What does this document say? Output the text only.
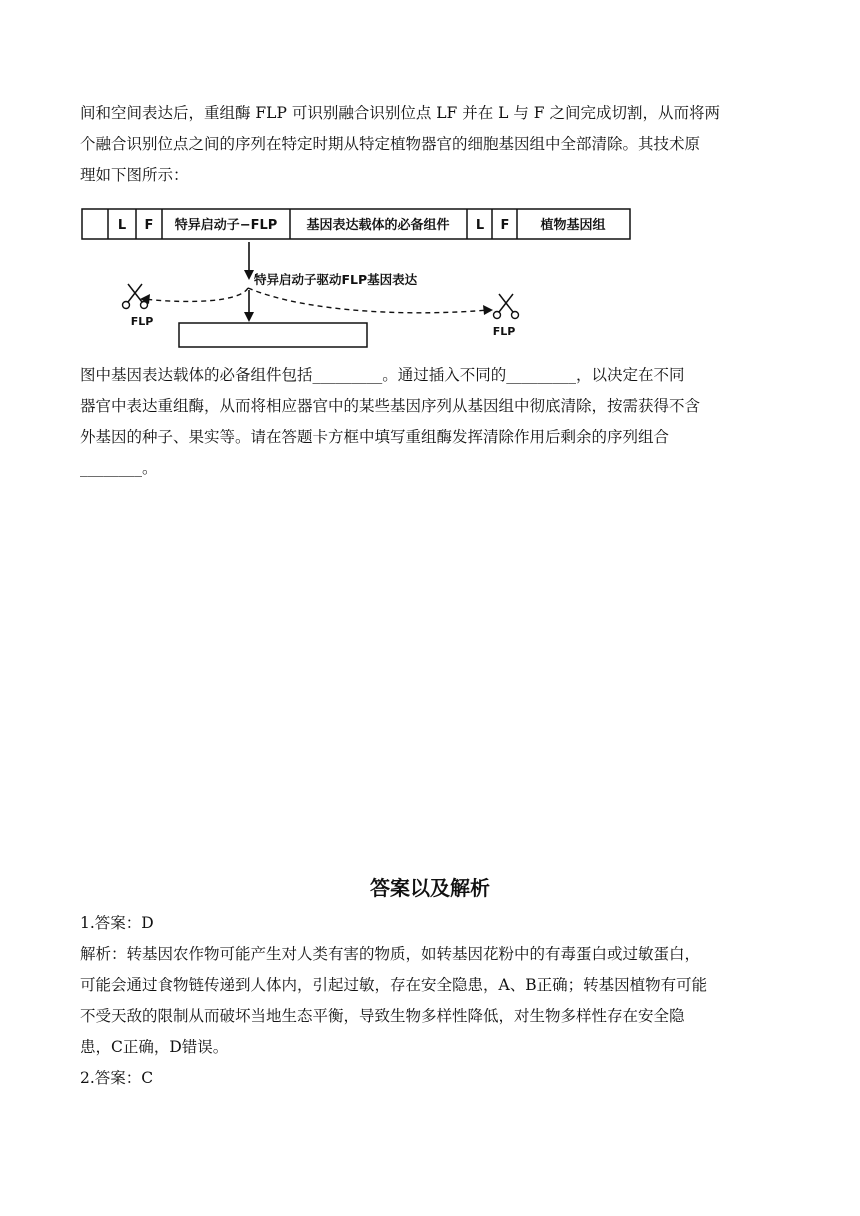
间和空间表达后，重组酶 FLP 可识别融合识别位点 LF 并在 L 与 F 之间完成切割，从而将两
个融合识别位点之间的序列在特定时期从特定植物器官的细胞基因组中全部清除。其技术原
理如下图所示：

L F 特异启动子−FLP 基因表达载体的必备组件 L F 植物基因组
特异启动子驱动FLP基因表达
FLP
FLP

图中基因表达载体的必备组件包括_________。通过插入不同的_________，以决定在不同
器官中表达重组酶，从而将相应器官中的某些基因序列从基因组中彻底清除，按需获得不含
外基因的种子、果实等。请在答题卡方框中填写重组酶发挥清除作用后剩余的序列组合
________。

答案以及解析

1.答案：D
解析：转基因农作物可能产生对人类有害的物质，如转基因花粉中的有毒蛋白或过敏蛋白，
可能会通过食物链传递到人体内，引起过敏，存在安全隐患，A、B正确；转基因植物有可能
不受天敌的限制从而破坏当地生态平衡，导致生物多样性降低，对生物多样性存在安全隐
患，C正确，D错误。
2.答案：C
